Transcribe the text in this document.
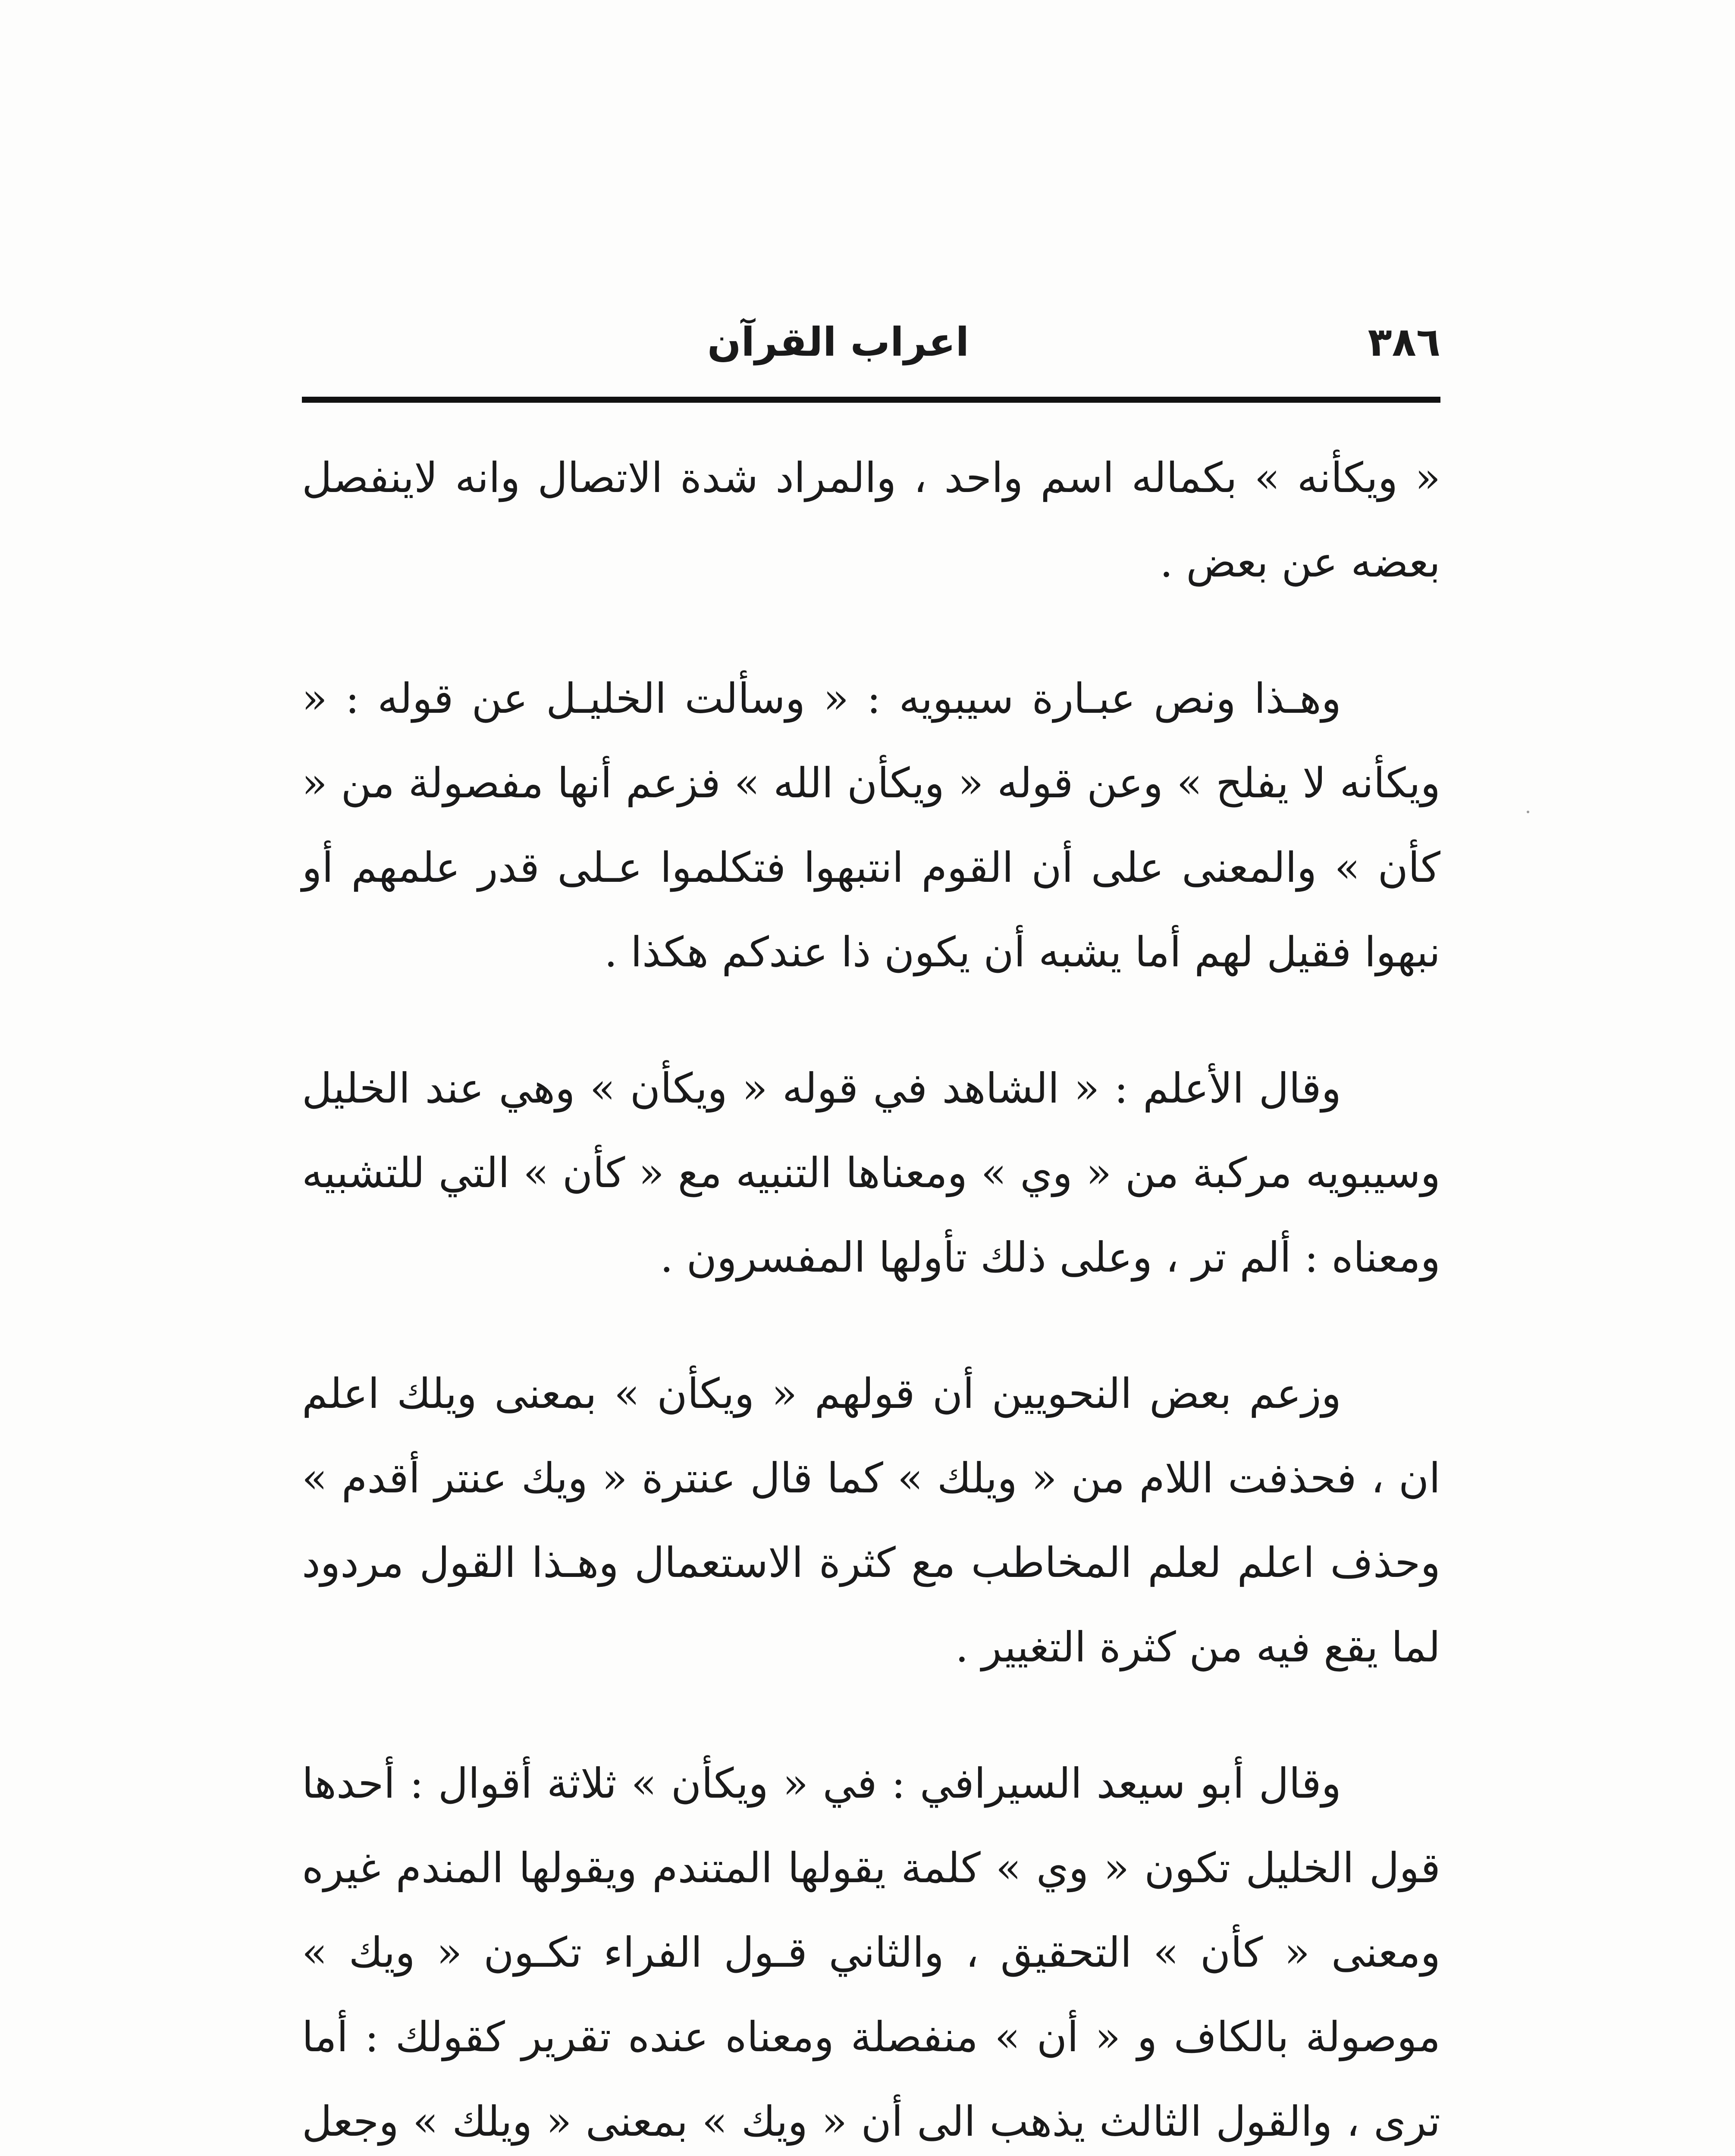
٣٨٦
اعراب القرآن

« ويكأنه » بكماله اسم واحد ، والمراد شدة الاتصال وانه لاينفصل بعضه عن بعض .

وهـذا ونص عبـارة سيبويه : « وسألت الخليـل عن قوله : « ويكأنه لا يفلح » وعن قوله « ويكأن الله » فزعم أنها مفصولة من « كأن » والمعنى على أن القوم انتبهوا فتكلموا عـلى قدر علمهم أو نبهوا فقيل لهم أما يشبه أن يكون ذا عندكم هكذا .

وقال الأعلم : « الشاهد في قوله « ويكأن » وهي عند الخليل وسيبويه مركبة من « وي » ومعناها التنبيه مع « كأن » التي للتشبيه ومعناه : ألم تر ، وعلى ذلك تأولها المفسرون .

وزعم بعض النحويين أن قولهم « ويكأن » بمعنى ويلك اعلم ان ، فحذفت اللام من « ويلك » كما قال عنترة « ويك عنتر أقدم » وحذف اعلم لعلم المخاطب مع كثرة الاستعمال وهـذا القول مردود لما يقع فيه من كثرة التغيير .

وقال أبو سيعد السيرافي : في « ويكأن » ثلاثة أقوال : أحدها قول الخليل تكون « وي » كلمة يقولها المتندم ويقولها المندم غيره ومعنى « كأن » التحقيق ، والثاني قـول الفراء تكـون « ويك » موصولة بالكاف و « أن » منفصلة ومعناه عنده تقرير كقولك : أما ترى ، والقول الثالث يذهب الى أن « ويك » بمعنى « ويلك » وجعل
